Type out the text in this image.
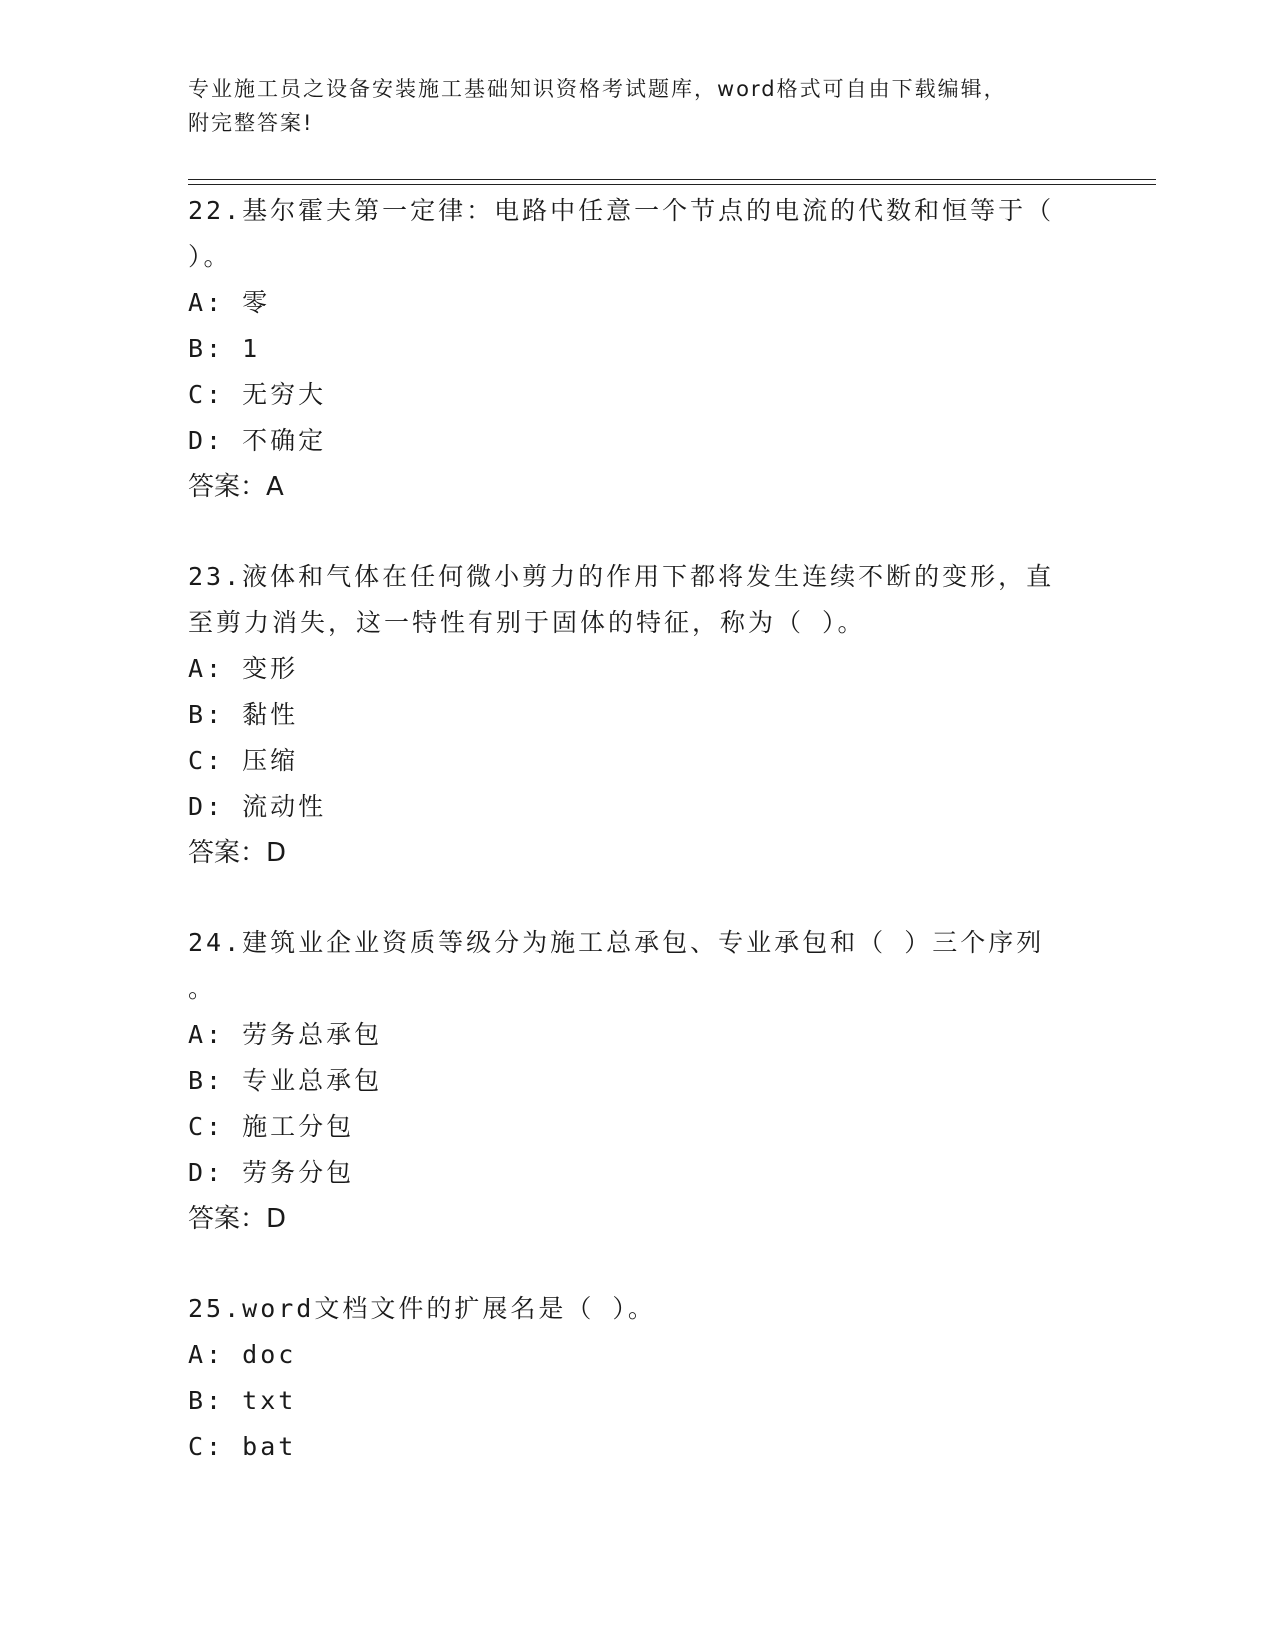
专业施工员之设备安装施工基础知识资格考试题库，word格式可自由下载编辑，
附完整答案!

22.基尔霍夫第一定律：电路中任意一个节点的电流的代数和恒等于（

）。

A: 零

B: 1

C: 无穷大

D: 不确定

答案：A

23.液体和气体在任何微小剪力的作用下都将发生连续不断的变形，直

至剪力消失，这一特性有别于固体的特征，称为（ ）。

A: 变形

B: 黏性

C: 压缩

D: 流动性

答案：D

24.建筑业企业资质等级分为施工总承包、专业承包和（ ）三个序列

。

A: 劳务总承包

B: 专业总承包

C: 施工分包

D: 劳务分包

答案：D

25.word文档文件的扩展名是（ ）。

A: doc

B: txt

C: bat
